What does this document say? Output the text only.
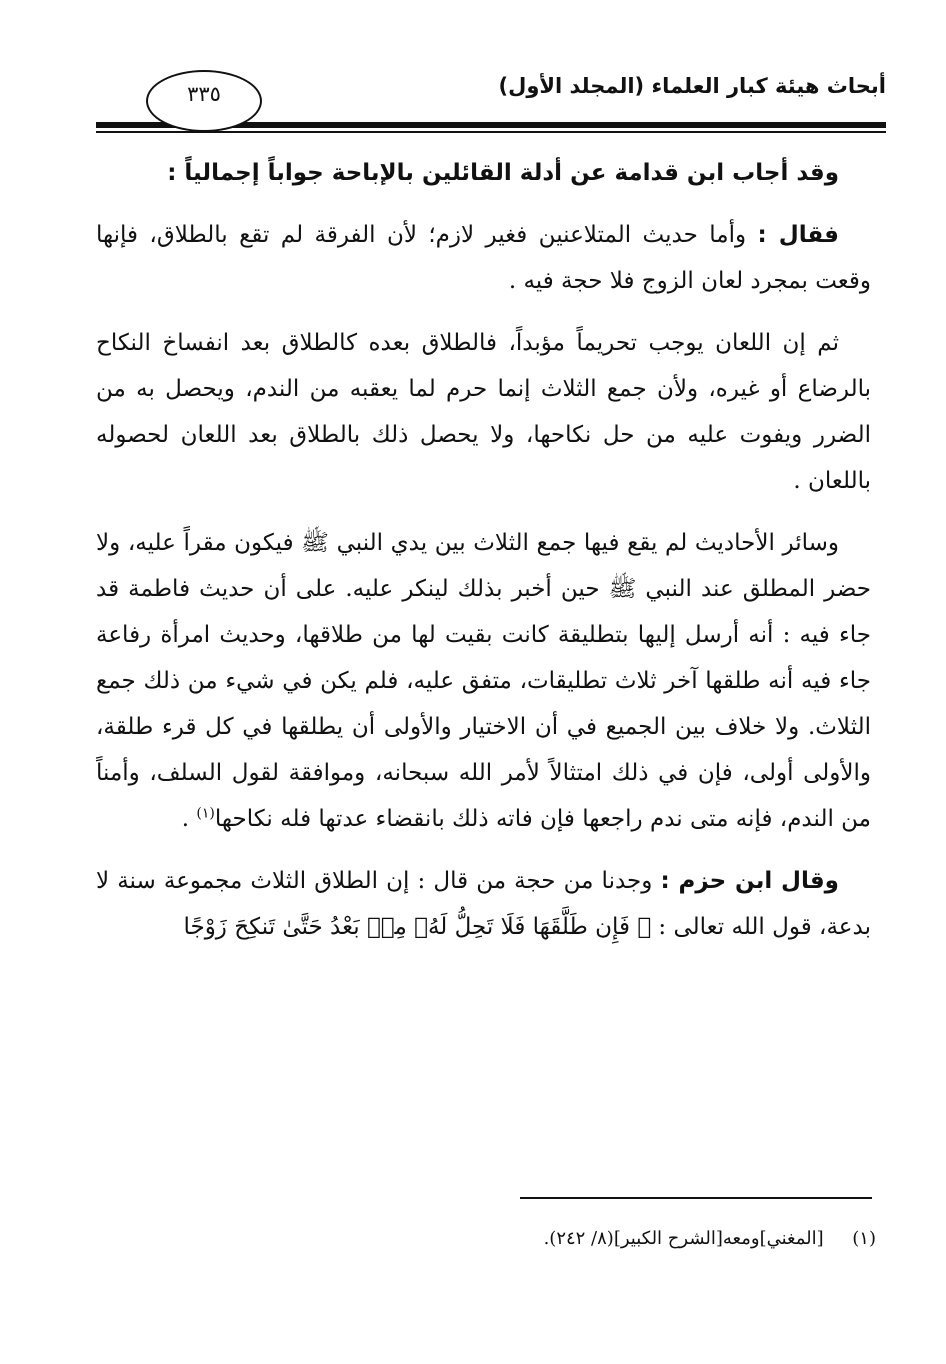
أبحاث هيئة كبار العلماء (المجلد الأول)
٣٣٥

وقد أجاب ابن قدامة عن أدلة القائلين بالإباحة جواباً إجمالياً :

فقال : وأما حديث المتلاعنين فغير لازم؛ لأن الفرقة لم تقع بالطلاق، فإنها وقعت بمجرد لعان الزوج فلا حجة فيه .

ثم إن اللعان يوجب تحريماً مؤبداً، فالطلاق بعده كالطلاق بعد انفساخ النكاح بالرضاع أو غيره، ولأن جمع الثلاث إنما حرم لما يعقبه من الندم، ويحصل به من الضرر ويفوت عليه من حل نكاحها، ولا يحصل ذلك بالطلاق بعد اللعان لحصوله باللعان .

وسائر الأحاديث لم يقع فيها جمع الثلاث بين يدي النبي ﷺ فيكون مقراً عليه، ولا حضر المطلق عند النبي ﷺ حين أخبر بذلك لينكر عليه. على أن حديث فاطمة قد جاء فيه : أنه أرسل إليها بتطليقة كانت بقيت لها من طلاقها، وحديث امرأة رفاعة جاء فيه أنه طلقها آخر ثلاث تطليقات، متفق عليه، فلم يكن في شيء من ذلك جمع الثلاث. ولا خلاف بين الجميع في أن الاختيار والأولى أن يطلقها في كل قرء طلقة، والأولى أولى، فإن في ذلك امتثالاً لأمر الله سبحانه، وموافقة لقول السلف، وأمناً من الندم، فإنه متى ندم راجعها فإن فاته ذلك بانقضاء عدتها فله نكاحها$^{(١)}$ .

وقال ابن حزم : وجدنا من حجة من قال : إن الطلاق الثلاث مجموعة سنة لا بدعة، قول الله تعالى : ﴿ فَإِن طَلَّقَهَا فَلَا تَحِلُّ لَهُۥ مِنۢ بَعْدُ حَتَّىٰ تَنكِحَ زَوْجًا

(١)     [المغني]ومعه[الشرح الكبير](٨/ ٢٤٢).
